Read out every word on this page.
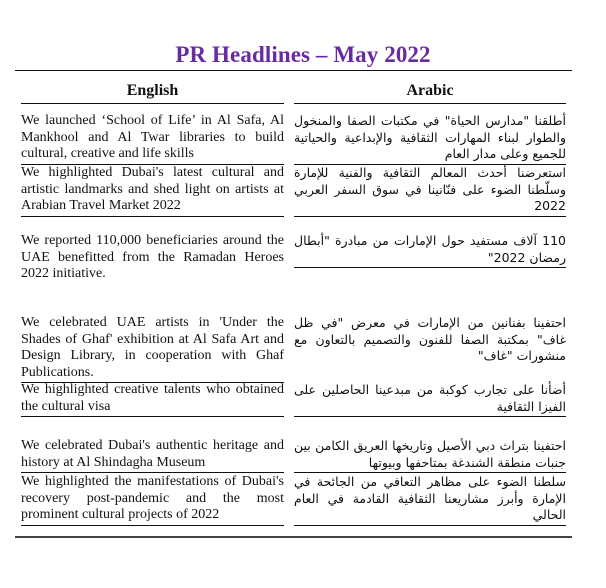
PR Headlines – May 2022
English	Arabic
We launched ‘School of Life’ in Al Safa, Al Mankhool and Al Twar libraries to build cultural, creative and life skills
أطلقنا "مدارس الحياة" في مكتبات الصفا والمنخول والطوار لبناء المهارات الثقافية والإبداعية والحياتية للجميع وعلى مدار العام
We highlighted Dubai's latest cultural and artistic landmarks and shed light on artists at Arabian Travel Market 2022
استعرضنا أحدث المعالم الثقافية والفنية للإمارة وسلّطنا الضوء على فنّانينا في سوق السفر العربي 2022
We reported 110,000 beneficiaries around the UAE benefitted from the Ramadan Heroes 2022 initiative.
110 آلاف مستفيد حول الإمارات من مبادرة "أبطال رمضان 2022"
We celebrated UAE artists in 'Under the Shades of Ghaf' exhibition at Al Safa Art and Design Library, in cooperation with Ghaf Publications.
احتفينا بفنانين من الإمارات في معرض "في ظل غاف" بمكتبة الصفا للفنون والتصميم بالتعاون مع منشورات "غاف"
We highlighted creative talents who obtained the cultural visa
أضأنا على تجارب كوكبة من مبدعينا الحاصلين على الفيزا الثقافية
We celebrated Dubai's authentic heritage and history at Al Shindagha Museum
احتفينا بتراث دبي الأصيل وتاريخها العريق الكامن بين جنبات منطقة الشندغة بمتاحفها وبيوتها
We highlighted the manifestations of Dubai's recovery post-pandemic and the most prominent cultural projects of 2022
سلطنا الضوء على مظاهر التعافي من الجائحة في الإمارة وأبرز مشاريعنا الثقافية القادمة في العام الحالي
